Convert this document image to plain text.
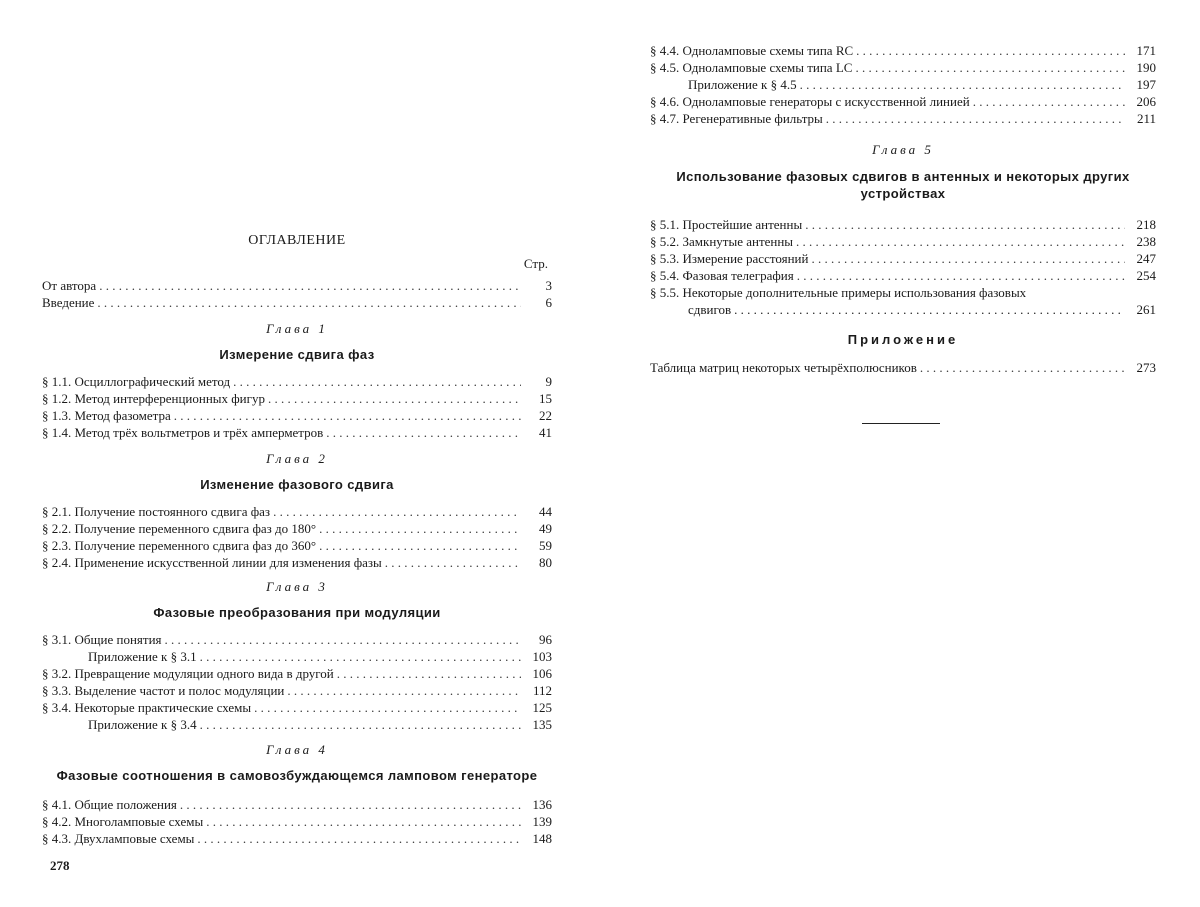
ОГЛАВЛЕНИЕ
Стр.
От автора . . .	3
Введение . . .	6
Глава 1
Измерение сдвига фаз
§ 1.1. Осциллографический метод . . .	9
§ 1.2. Метод интерференционных фигур . . .	15
§ 1.3. Метод фазометра . . .	22
§ 1.4. Метод трёх вольтметров и трёх амперметров . . .	41
Глава 2
Изменение фазового сдвига
§ 2.1. Получение постоянного сдвига фаз . . .	44
§ 2.2. Получение переменного сдвига фаз до 180° . . .	49
§ 2.3. Получение переменного сдвига фаз до 360° . . .	59
§ 2.4. Применение искусственной линии для изменения фазы . . .	80
Глава 3
Фазовые преобразования при модуляции
§ 3.1. Общие понятия . . .	96
Приложение к § 3.1 . . .	103
§ 3.2. Превращение модуляции одного вида в другой . . .	106
§ 3.3. Выделение частот и полос модуляции . . .	112
§ 3.4. Некоторые практические схемы . . .	125
Приложение к § 3.4 . . .	135
Глава 4
Фазовые соотношения в самовозбуждающемся ламповом генераторе
§ 4.1. Общие положения . . .	136
§ 4.2. Многоламповые схемы . . .	139
§ 4.3. Двухламповые схемы . . .	148
278
§ 4.4. Одноламповые схемы типа RC . . .	171
§ 4.5. Одноламповые схемы типа LC . . .	190
Приложение к § 4.5 . . .	197
§ 4.6. Одноламповые генераторы с искусственной линией . . .	206
§ 4.7. Регенеративные фильтры . . .	211
Глава 5
Использование фазовых сдвигов в антенных и некоторых других устройствах
§ 5.1. Простейшие антенны . . .	218
§ 5.2. Замкнутые антенны . . .	238
§ 5.3. Измерение расстояний . . .	247
§ 5.4. Фазовая телеграфия . . .	254
§ 5.5. Некоторые дополнительные примеры использования фазовых
сдвигов . . .	261
Приложение
Таблица матриц некоторых четырёхполюсников . . .	273
